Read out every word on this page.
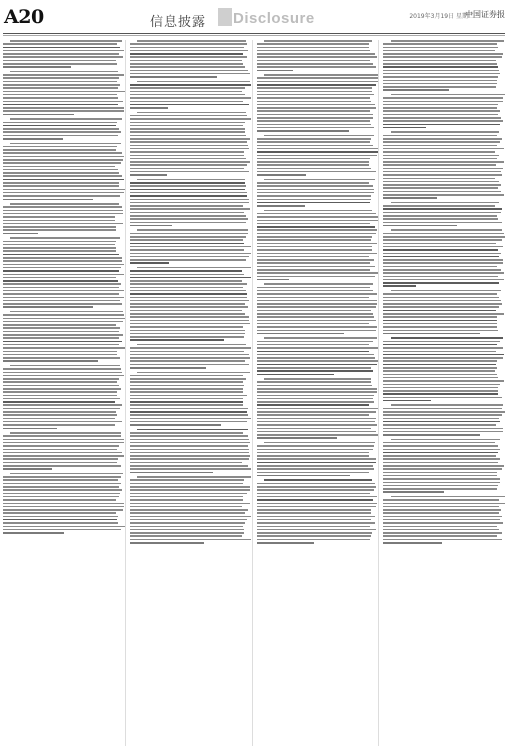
A20	信息披露 Disclosure	2019年3月19日 星期二
中国证券报
